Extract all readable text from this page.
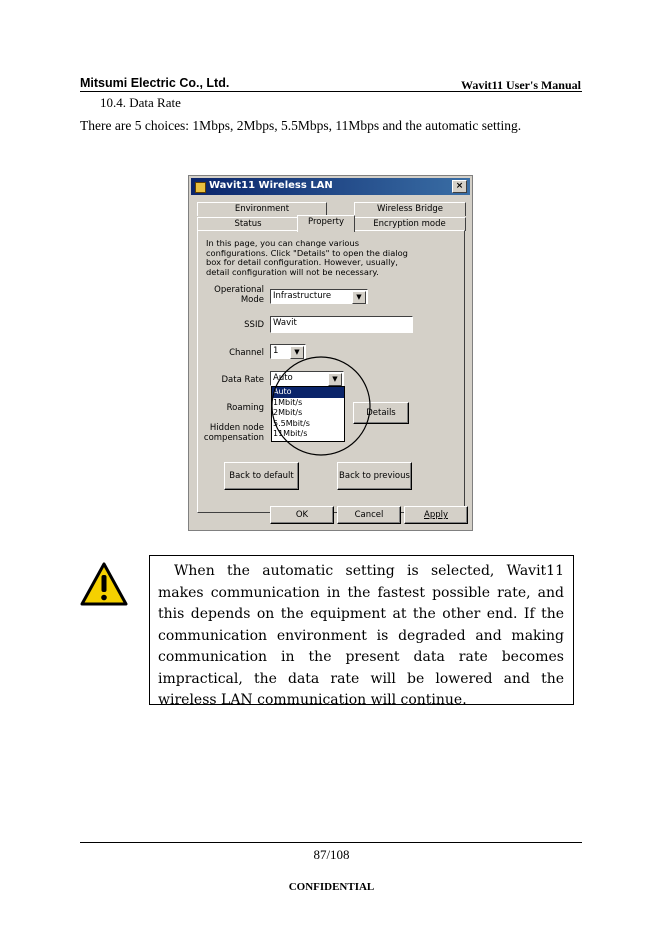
Mitsumi Electric Co., Ltd.	Wavit11 User's Manual
10.4. Data Rate
There are 5 choices: 1Mbps, 2Mbps, 5.5Mbps, 11Mbps and the automatic setting.
Wavit11 Wireless LAN	×
Environment	Wireless Bridge
Status	Property	Encryption mode
In this page, you can change various configurations. Click "Details" to open the dialog box for detail configuration. However, usually, detail configuration will not be necessary.
Operational Mode	Infrastructure	▼
SSID	Wavit
Channel	1	▼
Data Rate	Auto	▼
Roaming
Hidden node compensation
Details
Auto
1Mbit/s
2Mbit/s
5.5Mbit/s
11Mbit/s
Back to default	Back to previous
OK	Cancel	Apply
When the automatic setting is selected, Wavit11 makes communication in the fastest possible rate, and this depends on the equipment at the other end. If the communication environment is degraded and making communication in the present data rate becomes impractical, the data rate will be lowered and the wireless LAN communication will continue.
87/108
CONFIDENTIAL
